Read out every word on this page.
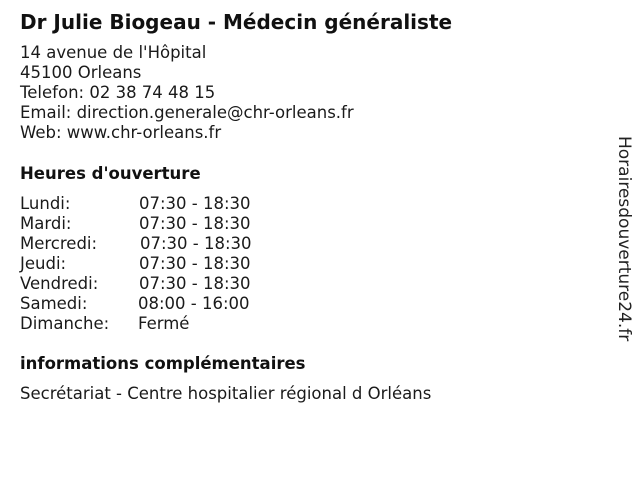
Dr Julie Biogeau - Médecin généraliste
14 avenue de l'Hôpital
45100 Orleans
Telefon: 02 38 74 48 15
Email: direction.generale@chr-orleans.fr
Web: www.chr-orleans.fr
Heures d'ouverture
Lundi:	07:30 - 18:30
Mardi:	07:30 - 18:30
Mercredi:	07:30 - 18:30
Jeudi:	07:30 - 18:30
Vendredi: 07:30 - 18:30
Samedi:	08:00 - 16:00
Dimanche: Fermé
informations complémentaires
Secrétariat - Centre hospitalier régional d Orléans
Horairesdouverture24.fr
